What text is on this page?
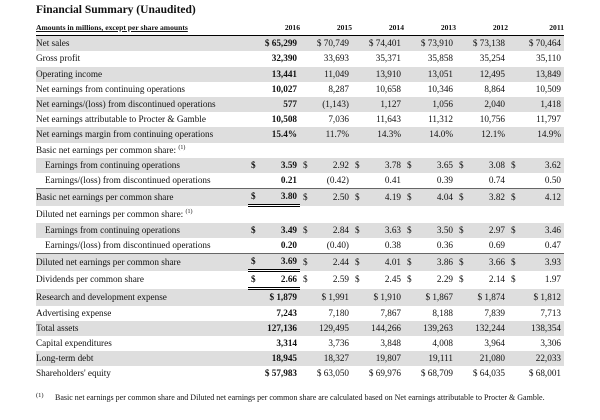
Financial Summary (Unaudited)
Amounts in millions, except per share amounts	2016		2015		2014		2013		2012		2011	
Net sales		$ 65,299		$ 70,749		$ 74,401		$ 73,910		$ 73,138		$ 70,464
Gross profit		32,390		33,693		35,371		35,858		35,254		35,110
Operating income		13,441		11,049		13,910		13,051		12,495		13,849
Net earnings from continuing operations		10,027		8,287		10,658		10,346		8,864		10,509
Net earnings/(loss) from discontinued operations		577		(1,143)		1,127		1,056		2,040		1,418
Net earnings attributable to Procter & Gamble		10,508		7,036		11,643		11,312		10,756		11,797
Net earnings margin from continuing operations		15.4%		11.7%		14.3%		14.0%		12.1%		14.9%
Basic net earnings per common share: $^{(1)}$												
Earnings from continuing operations	$	3.59	$	2.92	$	3.78	$	3.65	$	3.08	$	3.62
Earnings/(loss) from discontinued operations		0.21		(0.42)		0.41		0.39		0.74		0.50
Basic net earnings per common share	$	3.80	$	2.50	$	4.19	$	4.04	$	3.82	$	4.12
Diluted net earnings per common share: $^{(1)}$												
Earnings from continuing operations	$	3.49	$	2.84	$	3.63	$	3.50	$	2.97	$	3.46
Earnings/(loss) from discontinued operations		0.20		(0.40)		0.38		0.36		0.69		0.47
Diluted net earnings per common share	$	3.69	$	2.44	$	4.01	$	3.86	$	3.66	$	3.93
Dividends per common share	$	2.66	$	2.59	$	2.45	$	2.29	$	2.14	$	1.97
Research and development expense		$ 1,879		$ 1,991		$ 1,910		$ 1,867		$ 1,874		$ 1,812
Advertising expense		7,243		7,180		7,867		8,188		7,839		7,713
Total assets		127,136		129,495		144,266		139,263		132,244		138,354
Capital expenditures		3,314		3,736		3,848		4,008		3,964		3,306
Long-term debt		18,945		18,327		19,807		19,111		21,080		22,033
Shareholders' equity		$ 57,983		$ 63,050		$ 69,976		$ 68,709		$ 64,035		$ 68,001
(1)	Basic net earnings per common share and Diluted net earnings per common share are calculated based on Net earnings attributable to Procter & Gamble.
